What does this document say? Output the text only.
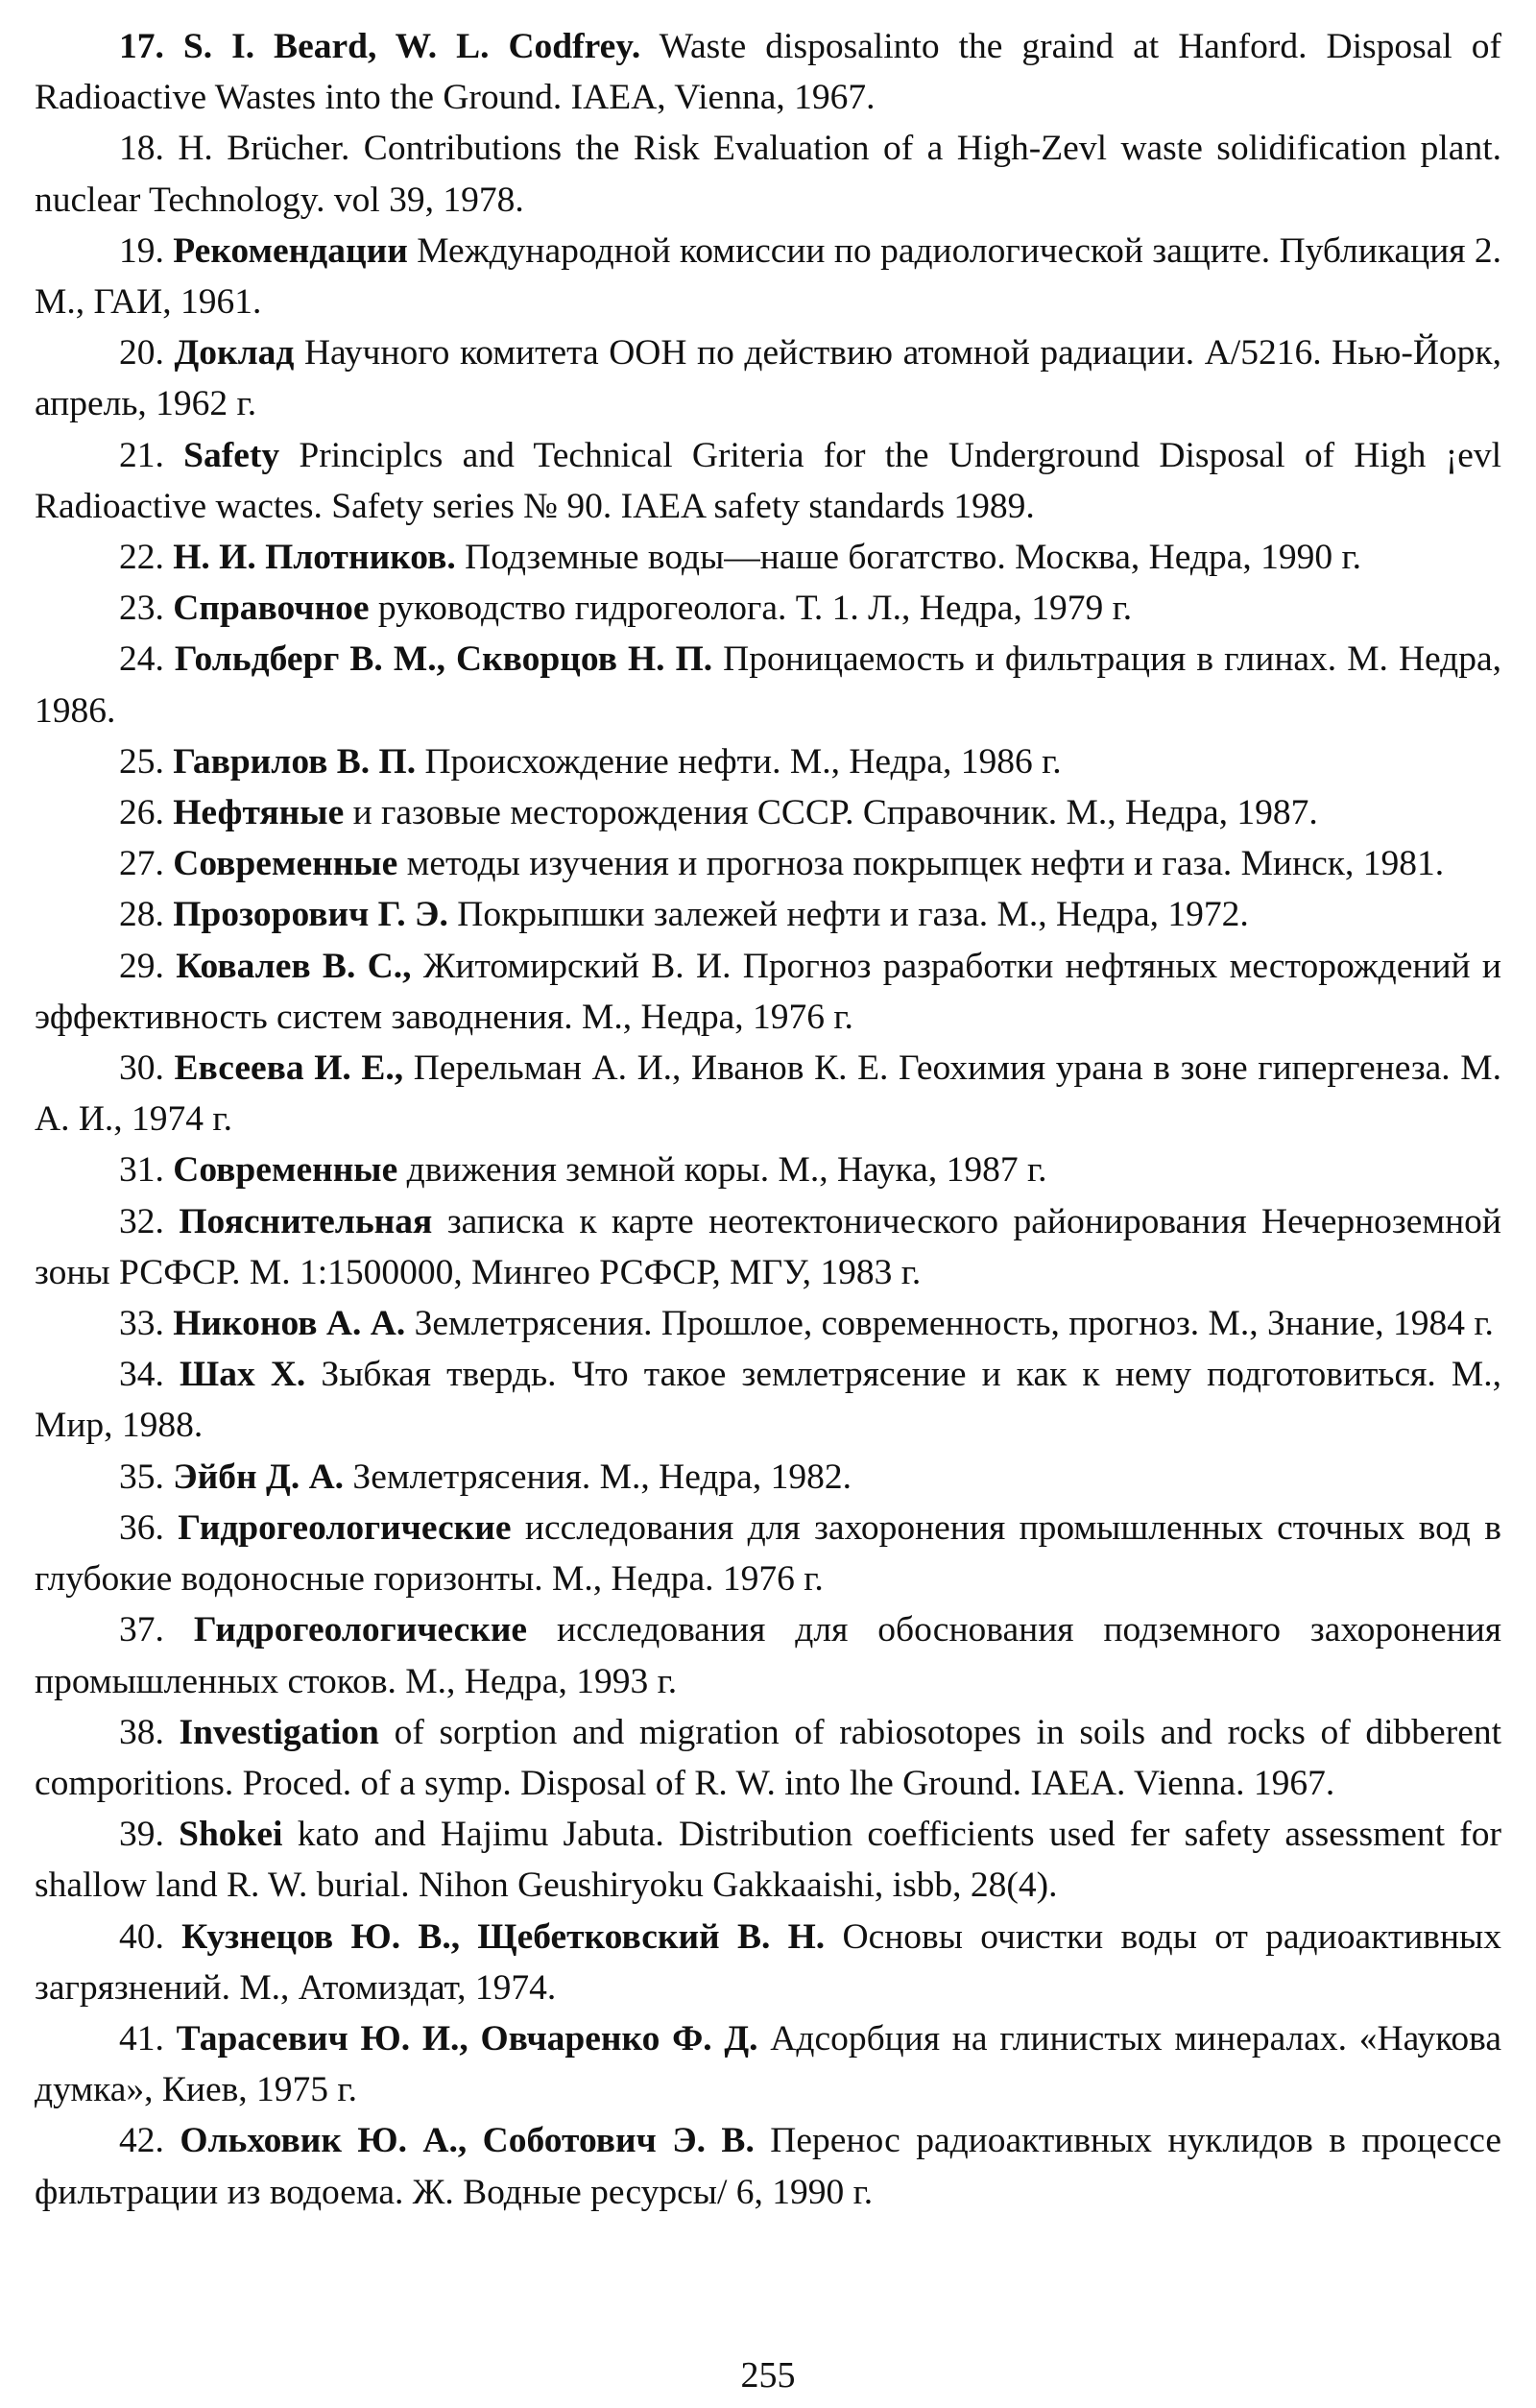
17. S. I. Beard, W. L. Codfrey. Waste disposalinto the graind at Hanford. Disposal of Radioactive Wastes into the Ground. IAEA, Vienna, 1967.
18. H. Brücher. Contributions the Risk Evaluation of a High-Zevl waste solidification plant. nuclear Technology. vol 39, 1978.
19. Рекомендации Международной комиссии по радиологической защите. Публикация 2. М., ГАИ, 1961.
20. Доклад Научного комитета ООН по действию атомной радиации. А/5216. Нью-Йорк, апрель, 1962 г.
21. Safety Principlcs and Technical Griteria for the Underground Disposal of High ¡evl Radioactive wactes. Safety series № 90. IAEA safety standards 1989.
22. Н. И. Плотников. Подземные воды—наше богатство. Москва, Недра, 1990 г.
23. Справочное руководство гидрогеолога. Т. 1. Л., Недра, 1979 г.
24. Гольдберг В. М., Скворцов Н. П. Проницаемость и фильтрация в глинах. М. Недра, 1986.
25. Гаврилов В. П. Происхождение нефти. М., Недра, 1986 г.
26. Нефтяные и газовые месторождения СССР. Справочник. М., Недра, 1987.
27. Современные методы изучения и прогноза покрыпцек нефти и газа. Минск, 1981.
28. Прозорович Г. Э. Покрыпшки залежей нефти и газа. М., Недра, 1972.
29. Ковалев В. С., Житомирский В. И. Прогноз разработки нефтяных месторождений и эффективность систем заводнения. М., Недра, 1976 г.
30. Евсеева И. Е., Перельман А. И., Иванов К. Е. Геохимия урана в зоне гипергенеза. М. А. И., 1974 г.
31. Современные движения земной коры. М., Наука, 1987 г.
32. Пояснительная записка к карте неотектонического районирования Нечерноземной зоны РСФСР. М. 1:1500000, Мингео РСФСР, МГУ, 1983 г.
33. Никонов А. А. Землетрясения. Прошлое, современность, прогноз. М., Знание, 1984 г.
34. Шах Х. Зыбкая твердь. Что такое землетрясение и как к нему подготовиться. М., Мир, 1988.
35. Эйбн Д. А. Землетрясения. М., Недра, 1982.
36. Гидрогеологические исследования для захоронения промышленных сточных вод в глубокие водоносные горизонты. М., Недра. 1976 г.
37. Гидрогеологические исследования для обоснования подземного захоронения промышленных стоков. М., Недра, 1993 г.
38. Investigation of sorption and migration of rabiosotopes in soils and rocks of dibberent comporitions. Proced. of a symp. Disposal of R. W. into lhe Ground. IAEA. Vienna. 1967.
39. Shokei kato and Hajimu Jabuta. Distribution coefficients used fer safety assessment for shallow land R. W. burial. Nihon Geushiryoku Gakkaaishi, isbb, 28(4).
40. Кузнецов Ю. В., Щебетковский В. Н. Основы очистки воды от радиоактивных загрязнений. М., Атомиздат, 1974.
41. Тарасевич Ю. И., Овчаренко Ф. Д. Адсорбция на глинистых минералах. «Наукова думка», Киев, 1975 г.
42. Ольховик Ю. А., Соботович Э. В. Перенос радиоактивных нуклидов в процессе фильтрации из водоема. Ж. Водные ресурсы/ 6, 1990 г.
255
